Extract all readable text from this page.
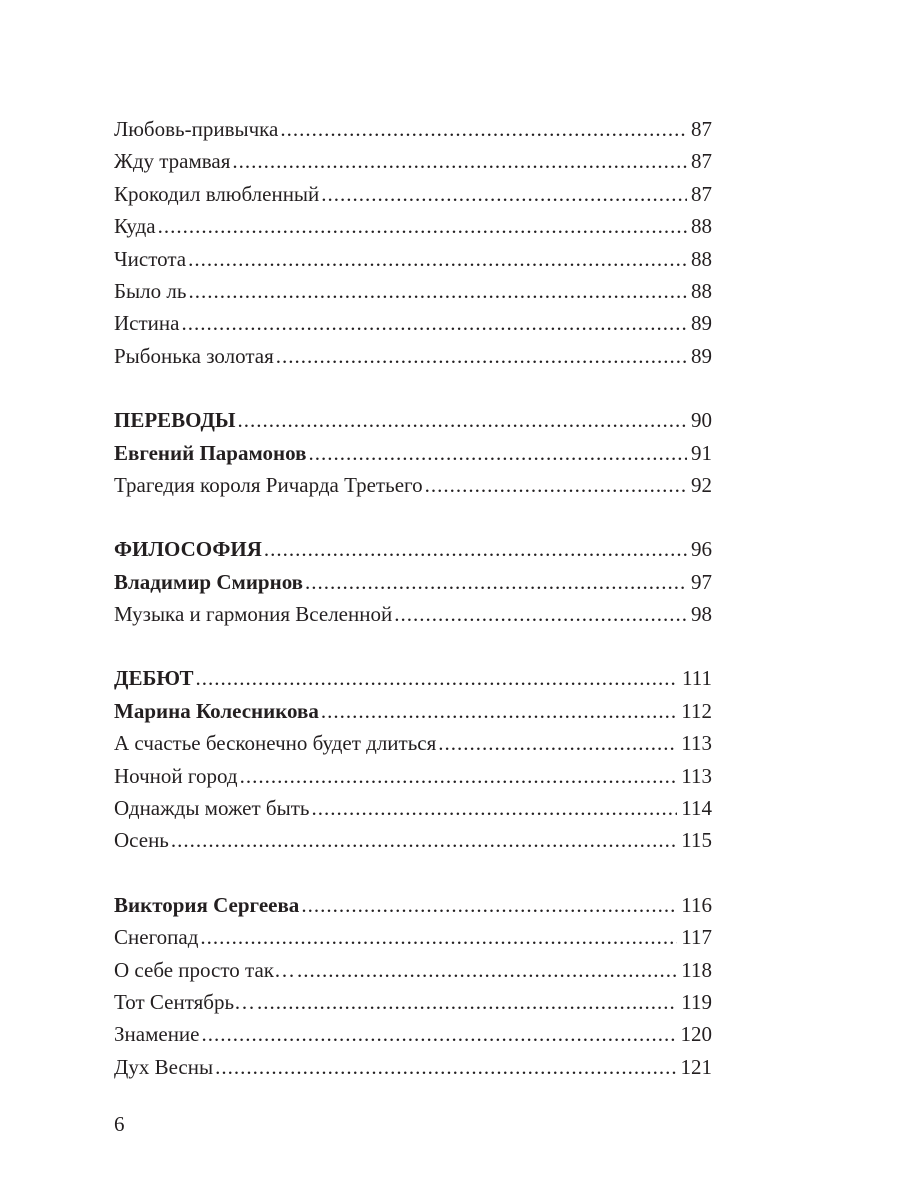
Любовь-привычка .....	87
Жду трамвая .....	87
Крокодил влюбленный .....	87
Куда .....	88
Чистота .....	88
Было ль .....	88
Истина .....	89
Рыбонька золотая .....	89
ПЕРЕВОДЫ .....	90
Евгений Парамонов .....	91
Трагедия короля Ричарда Третьего .....	92
ФИЛОСОФИЯ .....	96
Владимир Смирнов .....	97
Музыка и гармония Вселенной .....	98
ДЕБЮТ .....	111
Марина Колесникова .....	112
А счастье бесконечно будет длиться .....	113
Ночной город .....	113
Однажды может быть .....	114
Осень .....	115
Виктория Сергеева .....	116
Снегопад .....	117
О себе просто так… .....	118
Тот Сентябрь… .....	119
Знамение .....	120
Дух Весны .....	121
6
